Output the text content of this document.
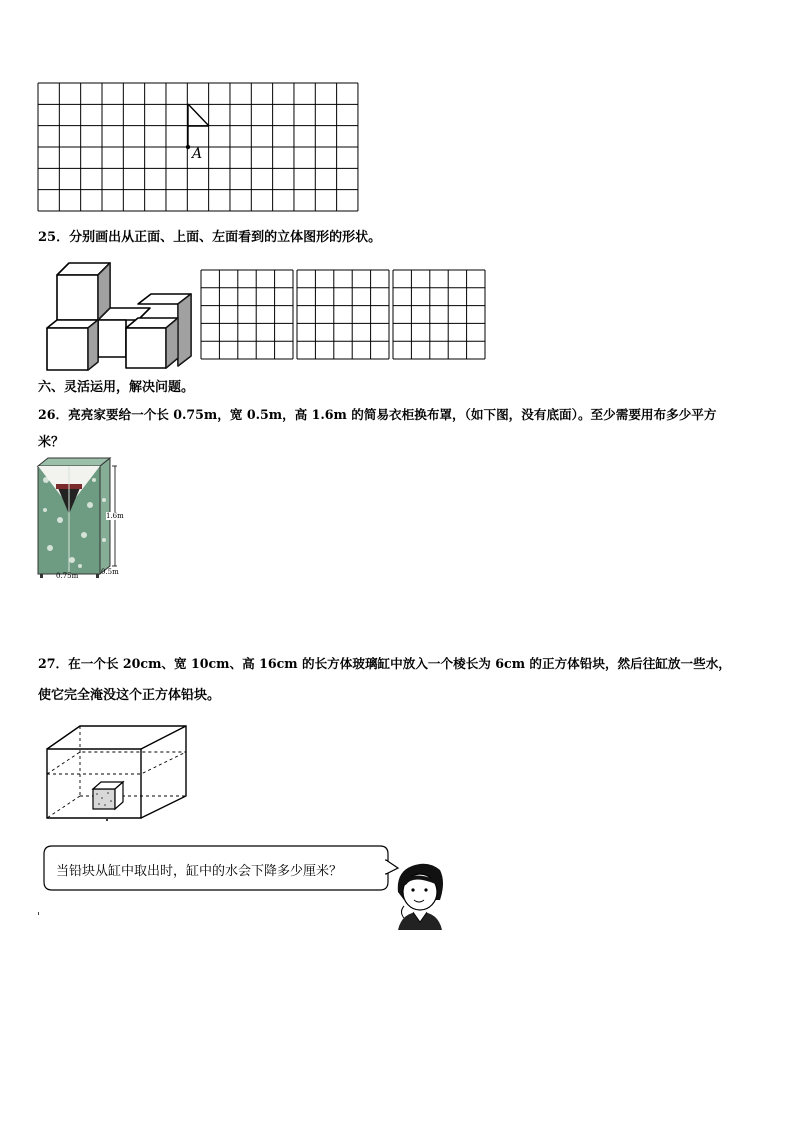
A
25．分别画出从正面、上面、左面看到的立体图形的形状。
六、灵活运用，解决问题。
26．亮亮家要给一个长 0.75m，宽 0.5m，高 1.6m 的简易衣柜换布罩，（如下图，没有底面）。至少需要用布多少平方
米？
1.6m
0.75m	0.5m
27．在一个长 20cm、宽 10cm、高 16cm 的长方体玻璃缸中放入一个棱长为 6cm 的正方体铅块，然后往缸放一些水，
使它完全淹没这个正方体铅块。
当铅块从缸中取出时，缸中的水会下降多少厘米？
